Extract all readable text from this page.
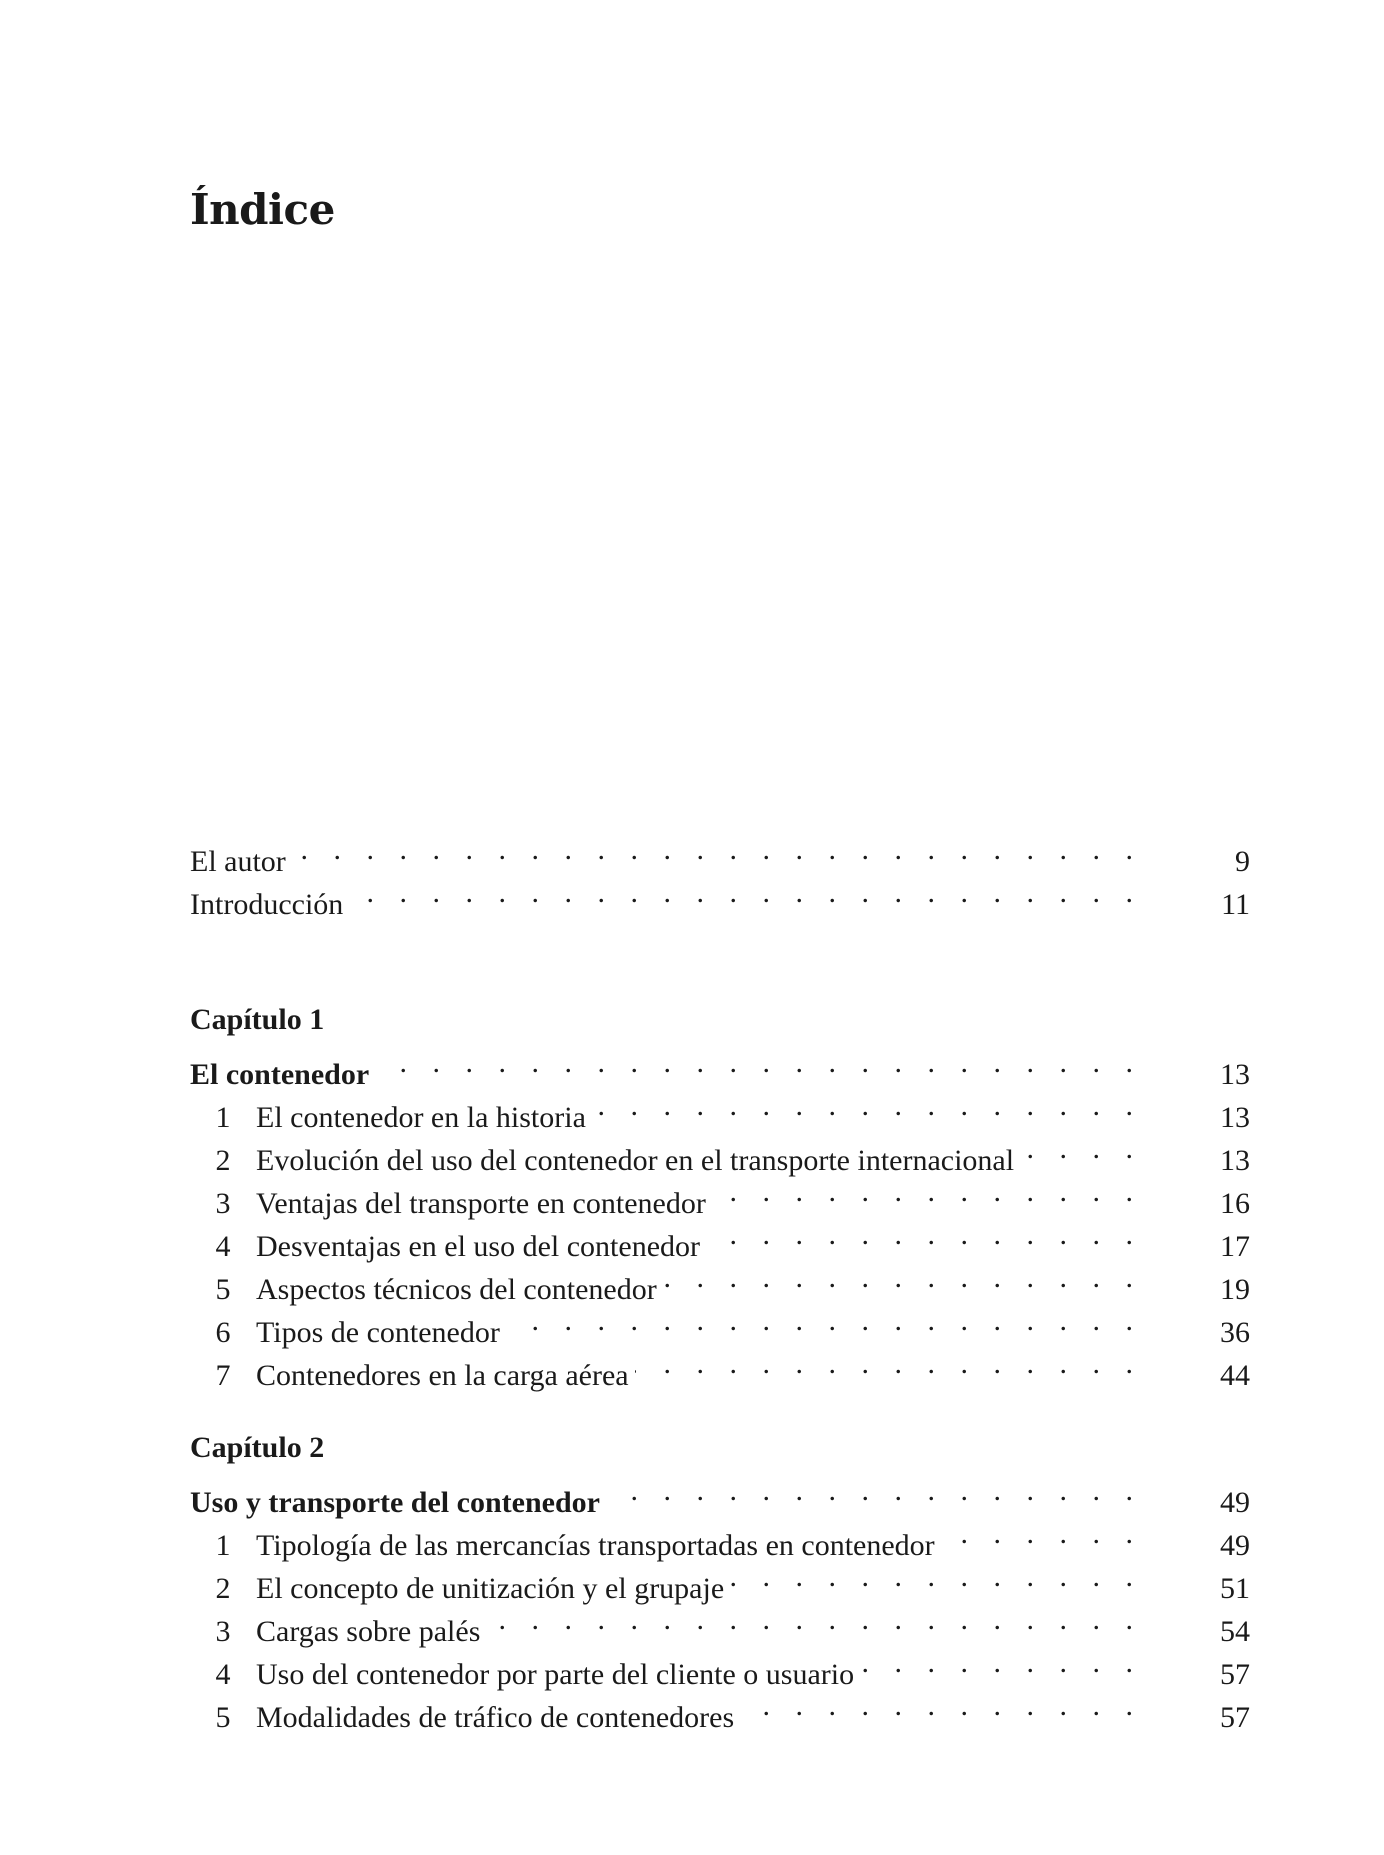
Índice
El autor . . .	9
Introducción . . .	11
Capítulo 1
El contenedor . . .	13
1 El contenedor en la historia . . .	13
2 Evolución del uso del contenedor en el transporte internacional . . .	13
3 Ventajas del transporte en contenedor . . .	16
4 Desventajas en el uso del contenedor . . .	17
5 Aspectos técnicos del contenedor . . .	19
6 Tipos de contenedor . . .	36
7 Contenedores en la carga aérea . . .	44
Capítulo 2
Uso y transporte del contenedor . . .	49
1 Tipología de las mercancías transportadas en contenedor . . .	49
2 El concepto de unitización y el grupaje . . .	51
3 Cargas sobre palés . . .	54
4 Uso del contenedor por parte del cliente o usuario . . .	57
5 Modalidades de tráfico de contenedores . . .	57
